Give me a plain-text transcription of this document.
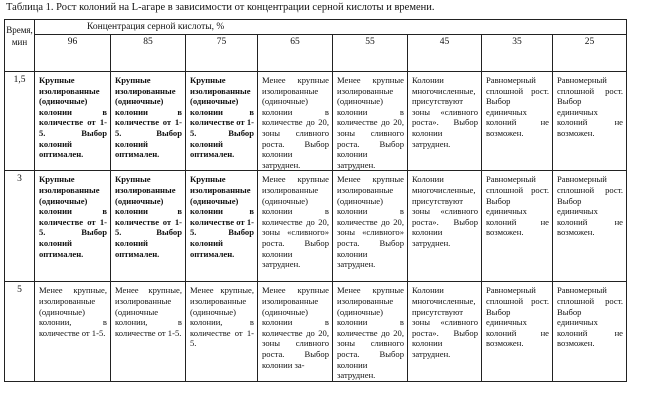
Таблица 1. Рост колоний на L-агаре в зависимости от концентрации серной кислоты и времени.
Время, мин	Концентрация серной кислоты, %							
	96	85	75	65	55	45	35	25
1,5	Крупные изолированные (одиночные) колонии в количестве от 1-5. Выбор колоний оптимален.	Крупные изолированные (одиночные) колонии в количестве от 1-5. Выбор колоний оптимален.	Крупные изолированные (одиночные) колонии в количестве от 1-5. Выбор колоний оптимален.	Менее крупные изолированные (одиночные) колонии в количестве до 20, зоны сливного роста. Выбор колонии затруднен.	Менее крупные изолированные (одиночные) колонии в количестве до 20, зоны сливного роста. Выбор колонии затруднен.	Колонии многочисленные, присутствуют зоны «сливного роста». Выбор колонии затруднен.	Равномерный сплошной рост. Выбор единичных колоний не возможен.	Равномерный сплошной рост. Выбор единичных колоний не возможен.
3	Крупные изолированные (одиночные) колонии в количестве от 1-5. Выбор колоний оптимален.	Крупные изолированные (одиночные) колонии в количестве от 1-5. Выбор колоний оптимален.	Крупные изолированные (одиночные) колонии в количестве от 1-5. Выбор колоний оптимален.	Менее крупные изолированные (одиночные) колонии в количестве до 20, зоны «сливного» роста. Выбор колонии затруднен.	Менее крупные изолированные (одиночные) колонии в количестве до 20, зоны «сливного» роста. Выбор колонии затруднен.	Колонии многочисленные, присутствуют зоны «сливного роста». Выбор колонии затруднен.	Равномерный сплошной рост. Выбор единичных колоний не возможен.	Равномерный сплошной рост. Выбор единичных колоний не возможен.
5	Менее крупные, изолированные (одиночные) колонии, в количестве от 1-5.	Менее крупные, изолированные (одиночные колонии, в количестве от 1-5.	Менее крупные, изолированные (одиночные) колонии, в количестве от 1-5.	Менее крупные изолированные (одиночные) колонии в количестве до 20, зоны сливного роста. Выбор колонии за-	Менее крупные изолированные (одиночные) колонии в количестве до 20, зоны сливного роста. Выбор колонии затруднен.	Колонии многочисленные, присутствуют зоны «сливного роста». Выбор колонии затруднен.	Равномерный сплошной рост. Выбор единичных колоний не возможен.	Равномерный сплошной рост. Выбор единичных колоний не возможен.
